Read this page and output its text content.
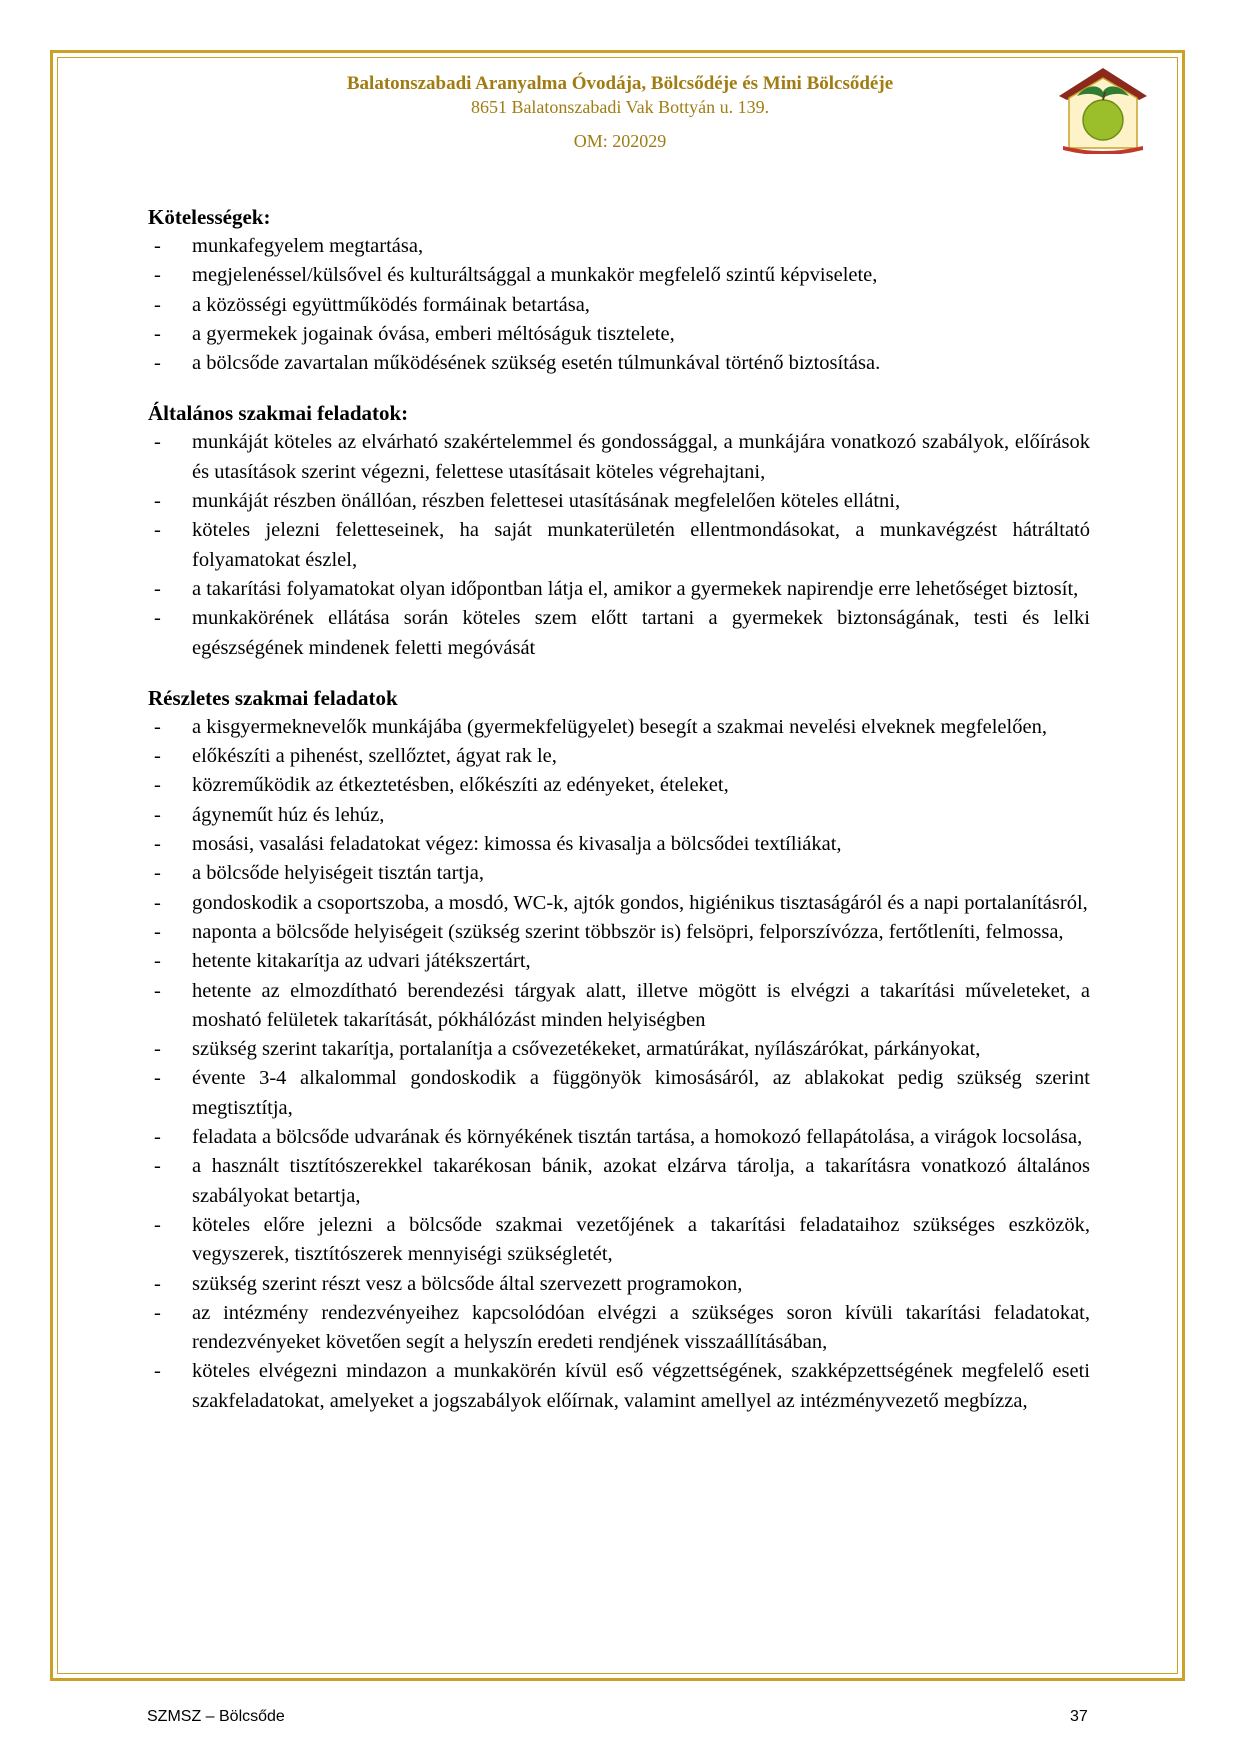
Balatonszabadi Aranyalma Óvodája, Bölcsődéje és Mini Bölcsődéje
8651 Balatonszabadi Vak Bottyán u. 139.
OM: 202029

Kötelességek:

- munkafegyelem megtartása,
- megjelenéssel/külsővel és kulturáltsággal a munkakör megfelelő szintű képviselete,
- a közösségi együttműködés formáinak betartása,
- a gyermekek jogainak óvása, emberi méltóságuk tisztelete,
- a bölcsőde zavartalan működésének szükség esetén túlmunkával történő biztosítása.

Általános szakmai feladatok:

- munkáját köteles az elvárható szakértelemmel és gondossággal, a munkájára vonatkozó szabályok, előírások és utasítások szerint végezni, felettese utasításait köteles végrehajtani,
- munkáját részben önállóan, részben felettesei utasításának megfelelően köteles ellátni,
- köteles jelezni feletteseinek, ha saját munkaterületén ellentmondásokat, a munkavégzést hátráltató folyamatokat észlel,
- a takarítási folyamatokat olyan időpontban látja el, amikor a gyermekek napirendje erre lehetőséget biztosít,
- munkakörének ellátása során köteles szem előtt tartani a gyermekek biztonságának, testi és lelki egészségének mindenek feletti megóvását

Részletes szakmai feladatok

- a kisgyermeknevelők munkájába (gyermekfelügyelet) besegít a szakmai nevelési elveknek megfelelően,
- előkészíti a pihenést, szellőztet, ágyat rak le,
- közreműködik az étkeztetésben, előkészíti az edényeket, ételeket,
- ágyneműt húz és lehúz,
- mosási, vasalási feladatokat végez: kimossa és kivasalja a bölcsődei textíliákat,
- a bölcsőde helyiségeit tisztán tartja,
- gondoskodik a csoportszoba, a mosdó, WC-k, ajtók gondos, higiénikus tisztaságáról és a napi portalanításról,
- naponta a bölcsőde helyiségeit (szükség szerint többször is) felsöpri, felporszívózza, fertőtleníti, felmossa,
- hetente kitakarítja az udvari játékszertárt,
- hetente az elmozdítható berendezési tárgyak alatt, illetve mögött is elvégzi a takarítási műveleteket, a mosható felületek takarítását, pókhálózást minden helyiségben
- szükség szerint takarítja, portalanítja a csővezetékeket, armatúrákat, nyílászárókat, párkányokat,
- évente 3-4 alkalommal gondoskodik a függönyök kimosásáról, az ablakokat pedig szükség szerint megtisztítja,
- feladata a bölcsőde udvarának és környékének tisztán tartása, a homokozó fellapátolása, a virágok locsolása,
- a használt tisztítószerekkel takarékosan bánik, azokat elzárva tárolja, a takarításra vonatkozó általános szabályokat betartja,
- köteles előre jelezni a bölcsőde szakmai vezetőjének a takarítási feladataihoz szükséges eszközök, vegyszerek, tisztítószerek mennyiségi szükségletét,
- szükség szerint részt vesz a bölcsőde által szervezett programokon,
- az intézmény rendezvényeihez kapcsolódóan elvégzi a szükséges soron kívüli takarítási feladatokat, rendezvényeket követően segít a helyszín eredeti rendjének visszaállításában,
- köteles elvégezni mindazon a munkakörén kívül eső végzettségének, szakképzettségének megfelelő eseti szakfeladatokat, amelyeket a jogszabályok előírnak, valamint amellyel az intézményvezető megbízza,
SZMSZ – Bölcsőde	37
